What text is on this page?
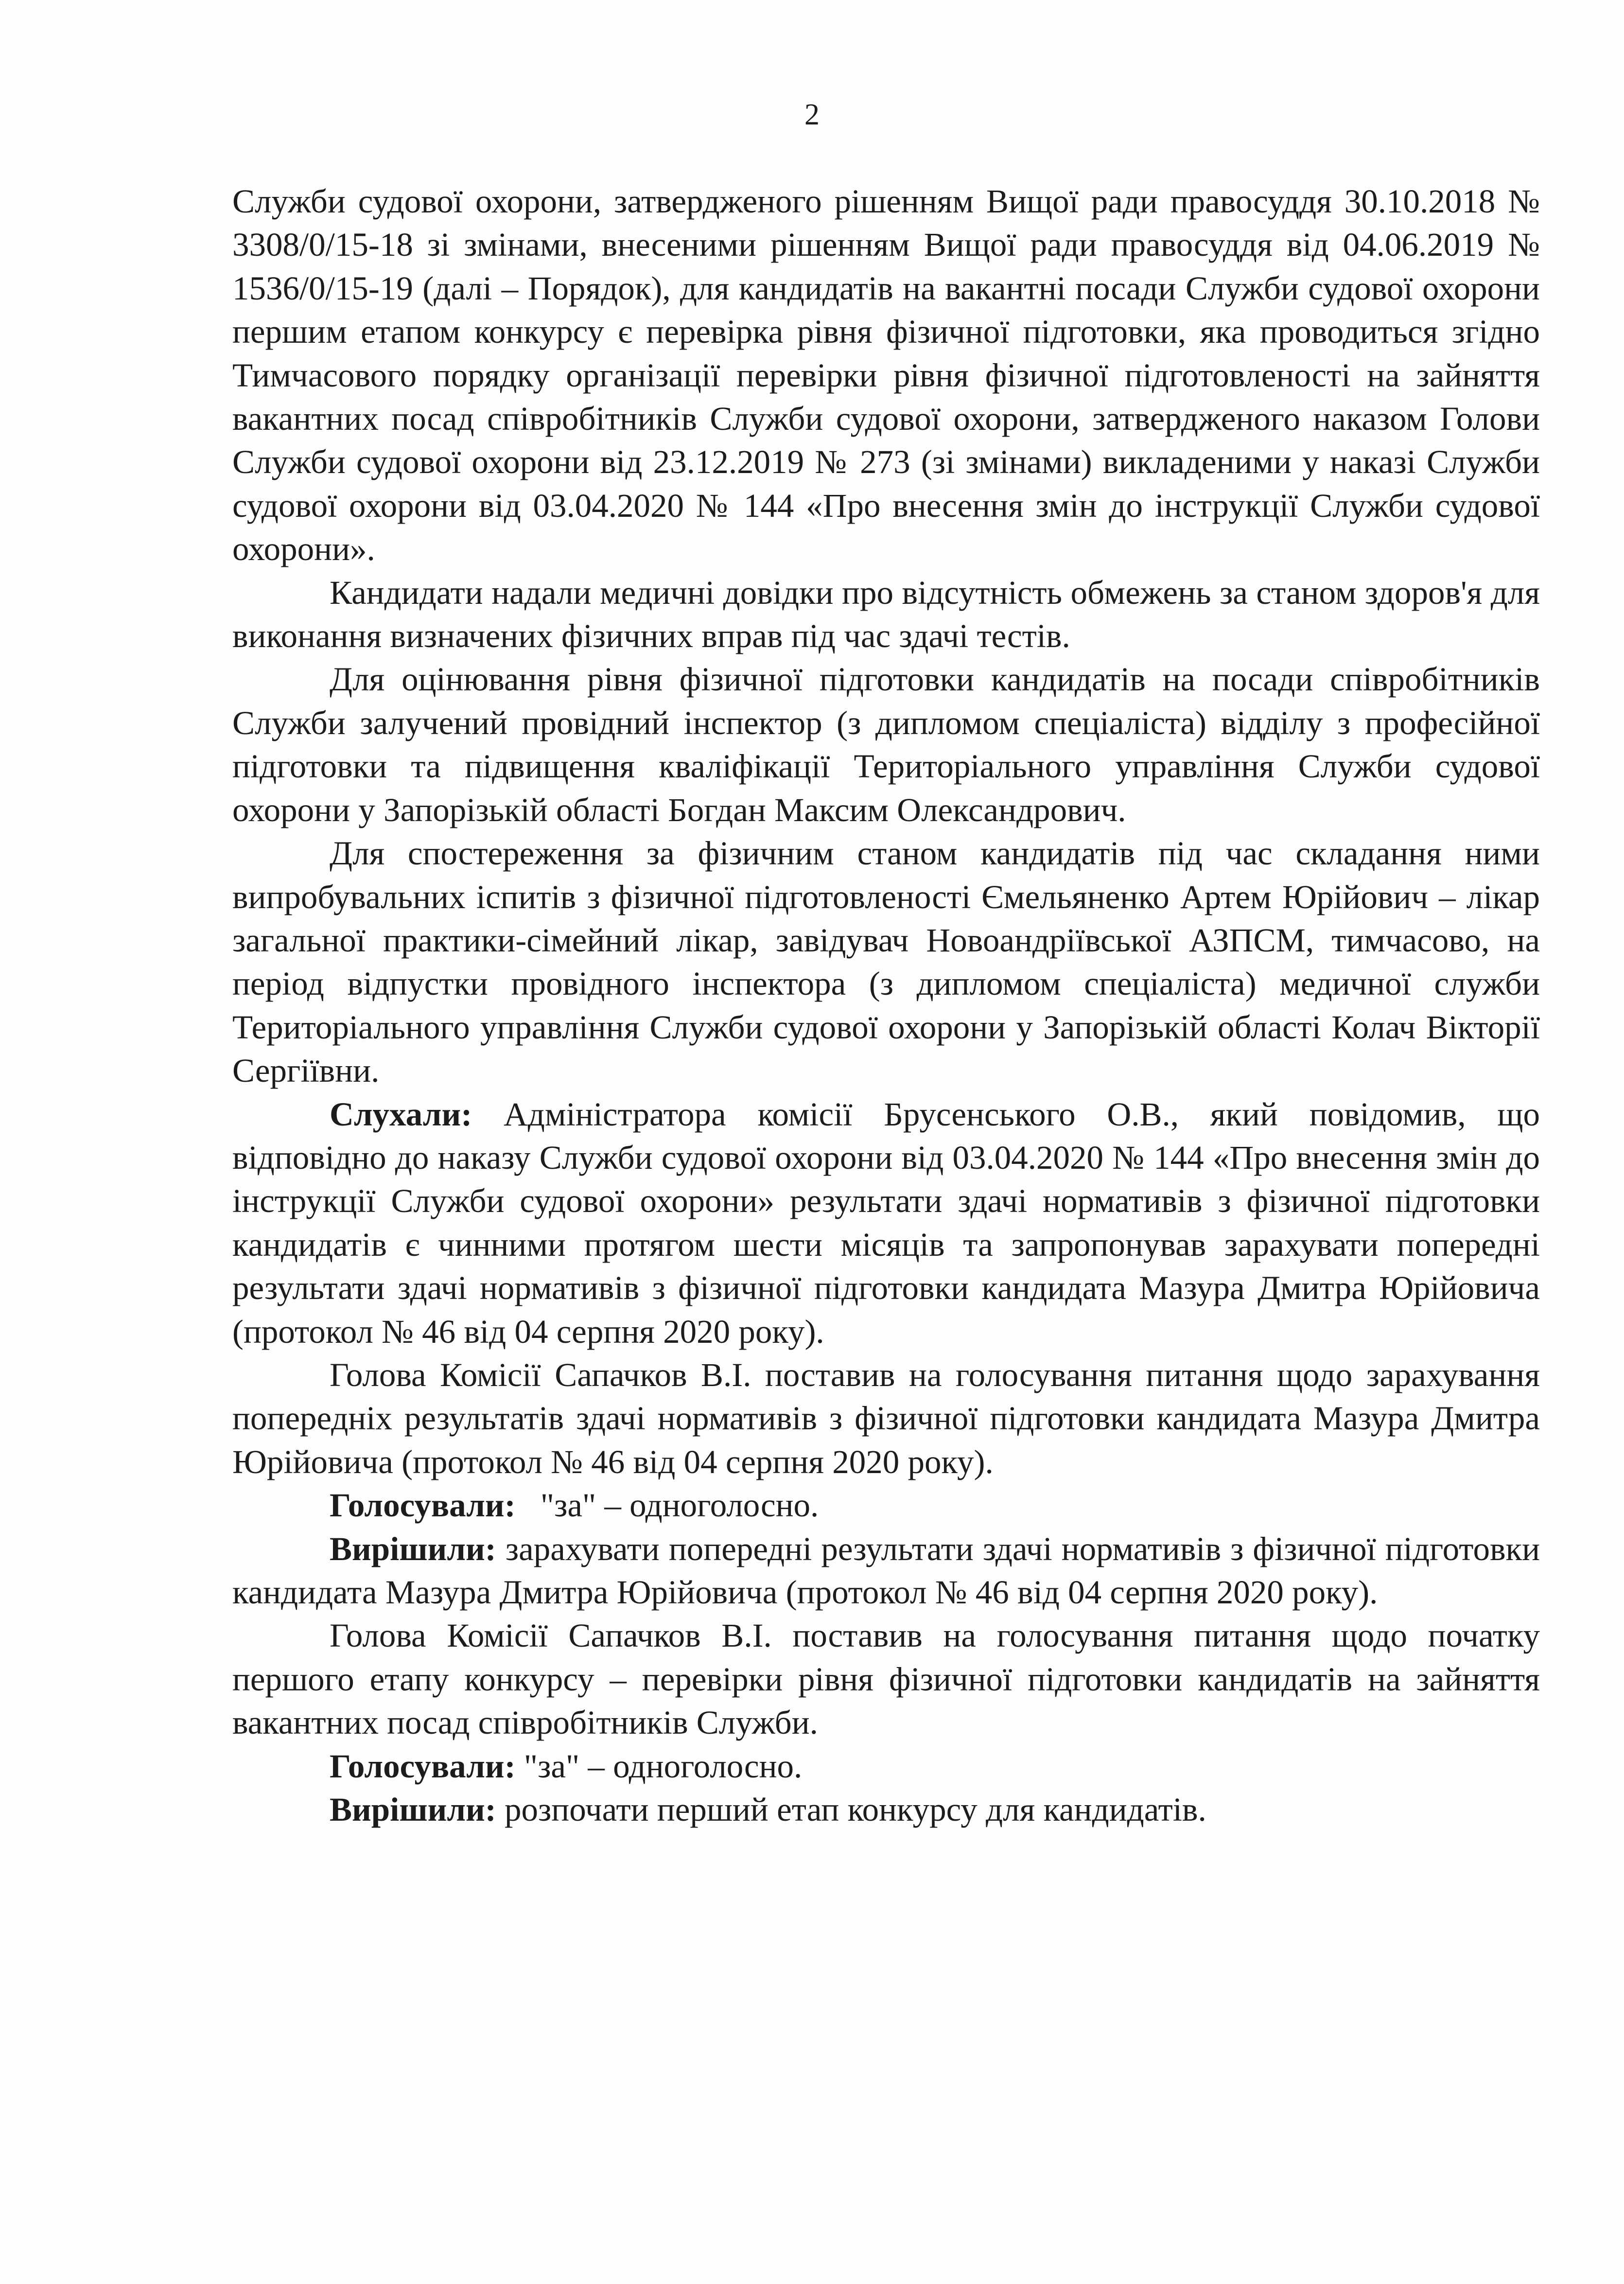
2

Служби судової охорони, затвердженого рішенням Вищої ради правосуддя 30.10.2018 № 3308/0/15-18 зі змінами, внесеними рішенням Вищої ради правосуддя від 04.06.2019 № 1536/0/15-19 (далі – Порядок), для кандидатів на вакантні посади Служби судової охорони першим етапом конкурсу є перевірка рівня фізичної підготовки, яка проводиться згідно Тимчасового порядку організації перевірки рівня фізичної підготовленості на зайняття вакантних посад співробітників Служби судової охорони, затвердженого наказом Голови Служби судової охорони від 23.12.2019 № 273 (зі змінами) викладеними у наказі Служби судової охорони від 03.04.2020 № 144 «Про внесення змін до інструкції Служби судової охорони».

Кандидати надали медичні довідки про відсутність обмежень за станом здоров'я для виконання визначених фізичних вправ під час здачі тестів.

Для оцінювання рівня фізичної підготовки кандидатів на посади співробітників Служби залучений провідний інспектор (з дипломом спеціаліста) відділу з професійної підготовки та підвищення кваліфікації Територіального управління Служби судової охорони у Запорізькій області Богдан Максим Олександрович.

Для спостереження за фізичним станом кандидатів під час складання ними випробувальних іспитів з фізичної підготовленості Ємельяненко Артем Юрійович – лікар загальної практики-сімейний лікар, завідувач Новоандріївської АЗПСМ, тимчасово, на період відпустки провідного інспектора (з дипломом спеціаліста) медичної служби Територіального управління Служби судової охорони у Запорізькій області Колач Вікторії Сергіївни.

Слухали: Адміністратора комісії Брусенського О.В., який повідомив, що відповідно до наказу Служби судової охорони від 03.04.2020 № 144 «Про внесення змін до інструкції Служби судової охорони» результати здачі нормативів з фізичної підготовки кандидатів є чинними протягом шести місяців та запропонував зарахувати попередні результати здачі нормативів з фізичної підготовки кандидата Мазура Дмитра Юрійовича (протокол № 46 від 04 серпня 2020 року).

Голова Комісії Сапачков В.І. поставив на голосування питання щодо зарахування попередніх результатів здачі нормативів з фізичної підготовки кандидата Мазура Дмитра Юрійовича (протокол № 46 від 04 серпня 2020 року).

Голосували: "за" – одноголосно.

Вирішили: зарахувати попередні результати здачі нормативів з фізичної підготовки кандидата Мазура Дмитра Юрійовича (протокол № 46 від 04 серпня 2020 року).

Голова Комісії Сапачков В.І. поставив на голосування питання щодо початку першого етапу конкурсу – перевірки рівня фізичної підготовки кандидатів на зайняття вакантних посад співробітників Служби.

Голосували: "за" – одноголосно.

Вирішили: розпочати перший етап конкурсу для кандидатів.
